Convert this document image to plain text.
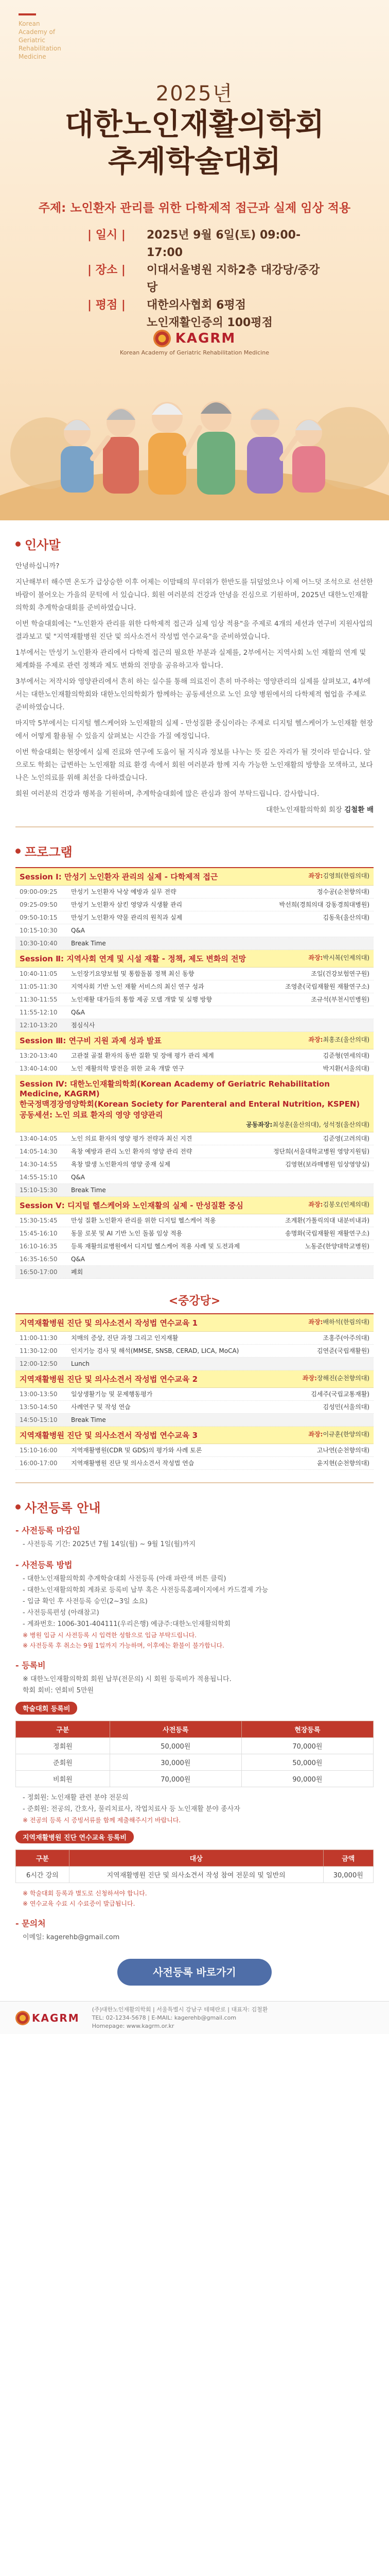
Korean
Academy of
Geriatric
Rehabilitation
Medicine
2025년
대한노인재활의학회
추계학술대회
주제: 노인환자 관리를 위한 다학제적 접근과 실제 임상 적용
| 일시 |	2025년 9월 6일(토) 09:00-17:00
| 장소 |	이대서울병원 지하2층 대강당/중강당
| 평점 |	대한의사협회 6평점
노인재활인증의 100평점
KAGRM
Korean Academy of Geriatric Rehabilitation Medicine
인사말

안녕하십니까?

지난해부터 해수면 온도가 급상승한 이후 어제는 이맘때의 무더위가 한반도를 뒤덮었으나 이제 어느덧 조석으로 선선한 바람이 불어오는 가을의 문턱에 서 있습니다. 회원 여러분의 건강과 안녕을 진심으로 기원하며, 2025년 대한노인재활의학회 추계학술대회를 준비하였습니다.

이번 학술대회에는 "노인환자 관리를 위한 다학제적 접근과 실제 임상 적용"을 주제로 4개의 세션과 연구비 지원사업의 결과보고 및 "지역재활병원 진단 및 의사소견서 작성법 연수교육"을 준비하였습니다.

1부에서는 만성기 노인환자 관리에서 다학제 접근의 필요한 부분과 실제를, 2부에서는 지역사회 노인 재활의 연계 및 체계화를 주제로 관련 정책과 제도 변화의 전망을 공유하고자 합니다.

3부에서는 저작시와 영양관리에서 흔히 하는 실수를 통해 의료진이 흔히 마주하는 영양관리의 실제를 살펴보고, 4부에서는 대한노인재활의학회와 대한노인의학회가 함께하는 공동세션으로 노인 요양 병원에서의 다학제적 협업을 주제로 준비하였습니다.

마지막 5부에서는 디지털 헬스케어와 노인재활의 실제 - 만성질환 중심이라는 주제로 디지털 헬스케어가 노인재활 현장에서 어떻게 활용될 수 있을지 살펴보는 시간을 가질 예정입니다.

이번 학술대회는 현장에서 실제 진료와 연구에 도움이 될 지식과 정보를 나누는 뜻 깊은 자리가 될 것이라 믿습니다. 앞으로도 학회는 급변하는 노인재활 의료 환경 속에서 회원 여러분과 함께 지속 가능한 노인재활의 방향을 모색하고, 보다 나은 노인의료를 위해 최선을 다하겠습니다.

회원 여러분의 건강과 행복을 기원하며, 추계학술대회에 많은 관심과 참여 부탁드립니다. 감사합니다.

대한노인재활의학회 회장 김철환 배
프로그램
Session Ⅰ: 만성기 노인환자 관리의 실제 - 다학제적 접근	좌장:김영희(한림의대)
09:00-09:25	만성기 노인환자 낙상 예방과 실무 전략	정수공(순천향의대)
09:25-09:50	만성기 노인환자 삼킨 영양과 식생활 관리	박선희(경희의대 강동경희대병원)
09:50-10:15	만성기 노인환자 약물 관리의 원칙과 실제	김동욱(울산의대)
10:15-10:30	Q&A
10:30-10:40	Break Time
Session Ⅱ: 지역사회 연계 및 시설 재활 - 정책, 제도 변화의 전망	좌장:박시복(인제의대)
10:40-11:05	노인장기요양보험 및 통합돌봄 정책 최신 동향	조일(건강보험연구원)
11:05-11:30	지역사회 기반 노인 재활 서비스의 최신 연구 성과	조영춘(국립재활원 재활연구소)
11:30-11:55	노인재활 대가들의 통합 제공 모델 개발 및 실행 방향	조규석(부천시민병원)
11:55-12:10	Q&A
12:10-13:20	점심식사
Session Ⅲ: 연구비 지원 과제 성과 발표	좌장:최홍조(울산의대)
13:20-13:40	고관절 골절 환자의 동반 질환 및 장애 평가 관리 체계	김준형(연세의대)
13:40-14:00	노인 재활의학 발전을 위한 교육 개발 연구	박지환(서울의대)
Session Ⅳ: 대한노인재활의학회(Korean Academy of Geriatric Rehabilitation Medicine, KAGRM)
한국정맥경장영양학회(Korean Society for Parenteral and Enteral Nutrition, KSPEN)
공동세션: 노인 의료 환자의 영양 영양관리
공동좌장:최성훈(울산의대), 성석정(울산의대)
13:40-14:05	노인 의료 환자의 영양 평가 전략과 최신 지견	김준영(고려의대)
14:05-14:30	욕창 예방과 관리 노인 환자의 영양 관리 전략	정단희(서울대학교병원 영양지원팀)
14:30-14:55	욕창 발생 노인환자의 영양 중재 실제	김영현(보라매병원 임상영양실)
14:55-15:10	Q&A
15:10-15:30	Break Time
Session Ⅴ: 디지털 헬스케어와 노인재활의 실제 - 만성질환 중심	좌장:김봉오(인제의대)
15:30-15:45	만성 질환 노인환자 관리를 위한 디지털 헬스케어 적용	조계환(가톨릭의대 내분비내과)
15:45-16:10	동물 로봇 및 AI 기반 노인 돌봄 임상 적용	송명화(국립재활원 재활연구소)
16:10-16:35	등록 재활의료병원에서 디지털 헬스케어 적용 사례 및 도전과제	노동준(한양대학교병원)
16:35-16:50	Q&A
16:50-17:00	폐회
<중강당>
지역재활병원 진단 및 의사소견서 작성법 연수교육 1	좌장:배하석(한림의대)
11:00-11:30	치매의 증상, 진단 과정 그리고 인지재활	조홍주(아주의대)
11:30-12:00	인지기능 검사 및 해석(MMSE, SNSB, CERAD, LICA, MoCA)	김연준(국립재활원)
12:00-12:50	Lunch
지역재활병원 진단 및 의사소견서 작성법 연수교육 2	좌장:장해진(순천향의대)
13:00-13:50	일상생활기능 및 문제행동평가	김세주(국립교통재활)
13:50-14:50	사례연구 및 작성 연습	김성민(서울의대)
14:50-15:10	Break Time
지역재활병원 진단 및 의사소견서 작성법 연수교육 3	좌장:이규훈(한양의대)
15:10-16:00	지역재활병원(CDR 및 GDS)의 평가와 사례 토론	고나연(순천향의대)
16:00-17:00	지역재활병원 진단 및 의사소견서 작성법 연습	윤지현(순천향의대)
사전등록 안내
- 사전등록 마감일
- 사전등록 기간: 2025년 7월 14일(월) ~ 9월 1일(월)까지
- 사전등록 방법
- 대한노인재활의학회 추계학술대회 사전등록 (아래 파란색 버튼 클릭)
- 대한노인재활의학회 계좌로 등록비 납부 혹은 사전등록홈페이지에서 카드결제 가능
- 입금 확인 후 사전등록 승인(2~3일 소요)
- 사전등록편성 (아래참고)
- 계좌번호: 1006-301-404111(우리은행) 예금주:대한노인재활의학회
※ 병원 입금 시 사전등록 시 입력한 성함으로 입금 부탁드립니다.
※ 사전등록 후 취소는 9월 1일까지 가능하며, 이후에는 환불이 불가합니다.
- 등록비
※ 대한노인재활의학회 회원 납부(전문의) 시 회원 등록비가 적용됩니다.
학회 회비: 연회비 5만원
학술대회 등록비
구분	사전등록	현장등록
정회원	50,000원	70,000원
준회원	30,000원	50,000원
비회원	70,000원	90,000원
- 정회원: 노인재활 관련 분야 전문의
- 준회원: 전공의, 간호사, 물리치료사, 작업치료사 등 노인재활 분야 종사자
※ 전공의 등록 시 증빙서류를 함께 제출해주시기 바랍니다.
지역재활병원 진단 연수교육 등록비
구분	대상	금액
6시간 강의	지역재활병원 진단 및 의사소견서 작성 참여 전문의 및 일반의	30,000원
※ 학술대회 등록과 별도로 신청하셔야 합니다.
※ 연수교육 수료 시 수료증이 발급됩니다.
- 문의처
이메일: kagerehb@gmail.com
사전등록 바로가기
KAGRM
(주)대한노인재활의학회 | 서울특별시 강남구 테헤란로 | 대표자: 김철환
TEL: 02-1234-5678 | E-MAIL: kagerehb@gmail.com
Homepage: www.kagrm.or.kr
